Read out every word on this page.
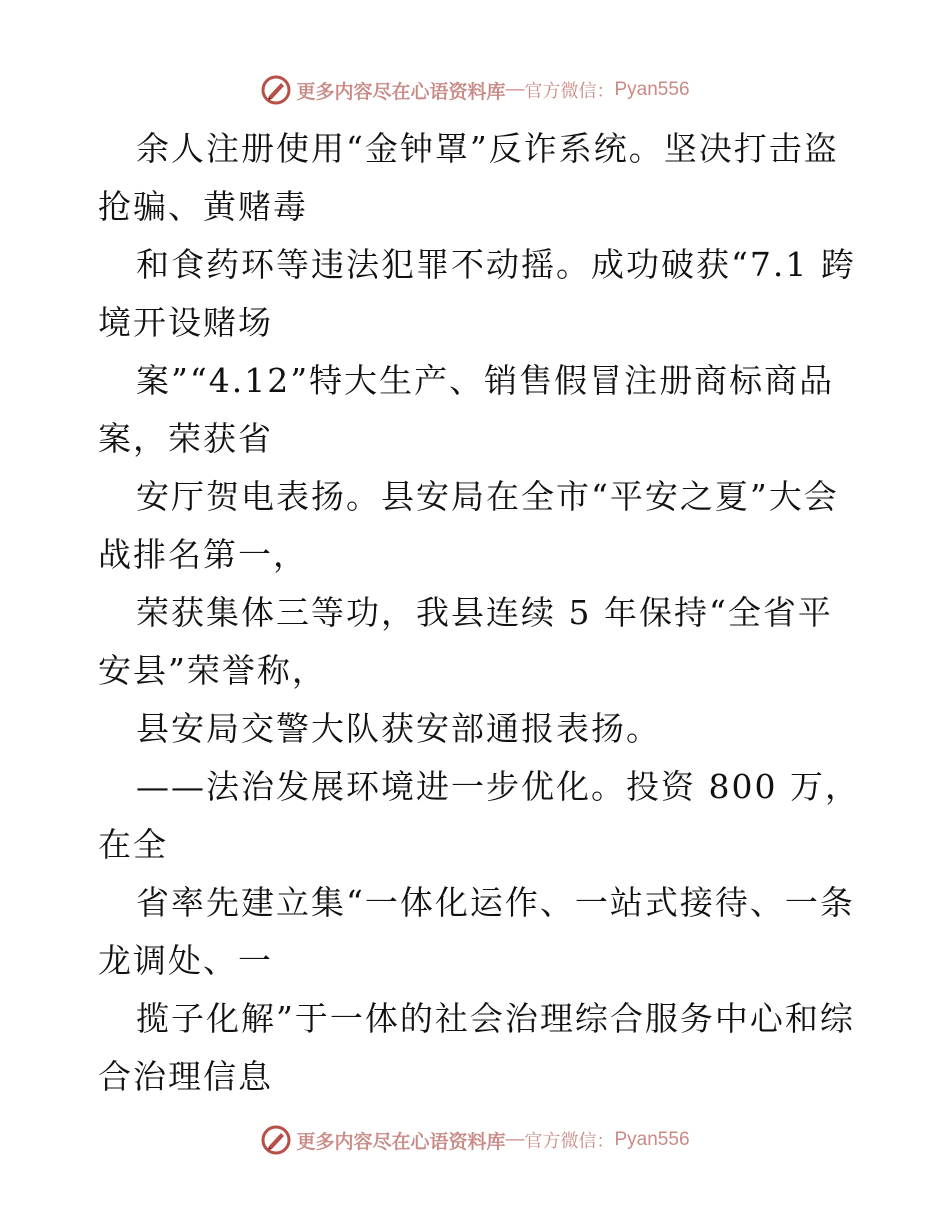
更多内容尽在心语资料库 — 官方微信： Pyan556
余人注册使用“金钟罩”反诈系统。坚决打击盗
抢骗、黄赌毒
和食药环等违法犯罪不动摇。成功破获“7.1 跨
境开设赌场
案”“4.12”特大生产、销售假冒注册商标商品
案，荣获省
安厅贺电表扬。县安局在全市“平安之夏”大会
战排名第一，
荣获集体三等功，我县连续 5 年保持“全省平
安县”荣誉称，
县安局交警大队获安部通报表扬。
——法治发展环境进一步优化。投资 800 万，
在全
省率先建立集“一体化运作、一站式接待、一条
龙调处、一
揽子化解”于一体的社会治理综合服务中心和综
合治理信息
更多内容尽在心语资料库 — 官方微信： Pyan556
